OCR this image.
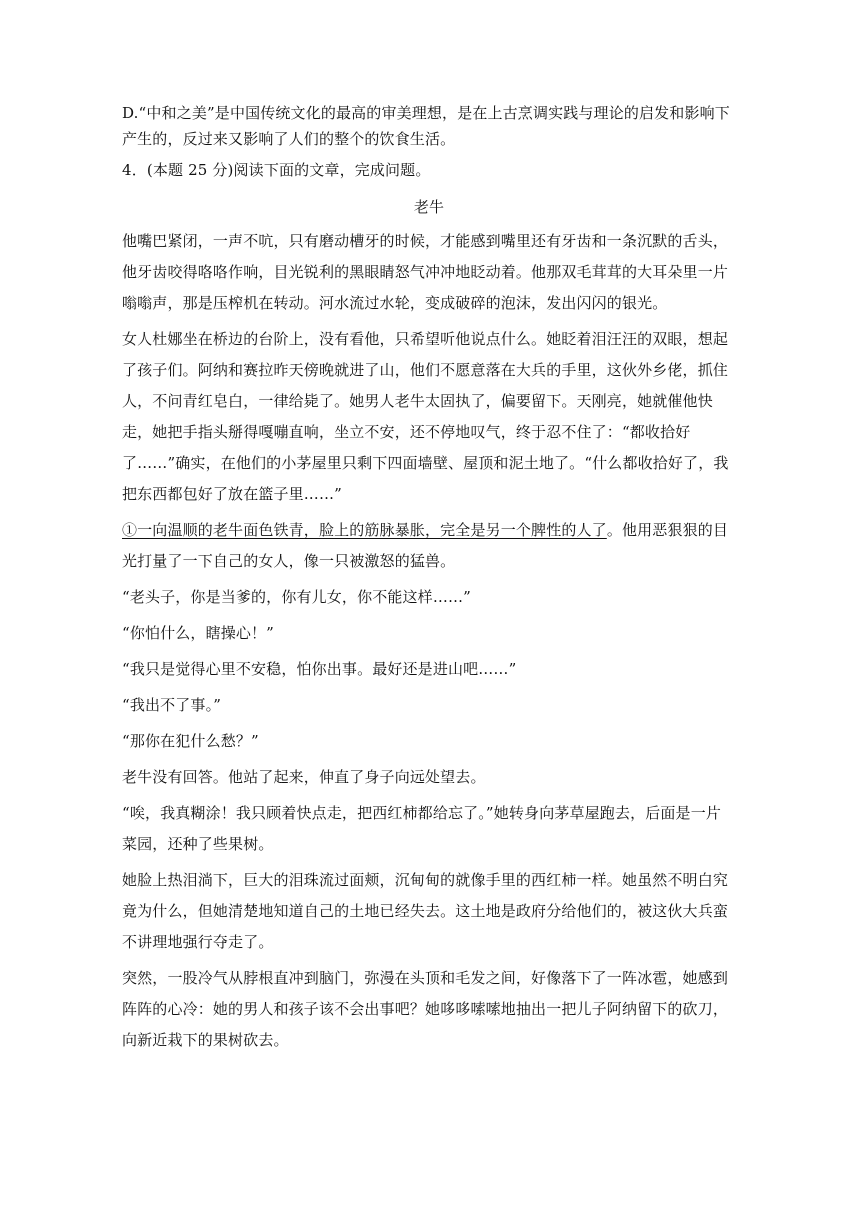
D.“中和之美”是中国传统文化的最高的审美理想，是在上古烹调实践与理论的启发和影响下产生的，反过来又影响了人们的整个的饮食生活。

4．(本题 25 分)阅读下面的文章，完成问题。

老牛

他嘴巴紧闭，一声不吭，只有磨动槽牙的时候，才能感到嘴里还有牙齿和一条沉默的舌头，他牙齿咬得咯咯作响，目光锐利的黑眼睛怒气冲冲地眨动着。他那双毛茸茸的大耳朵里一片嗡嗡声，那是压榨机在转动。河水流过水轮，变成破碎的泡沫，发出闪闪的银光。

女人杜娜坐在桥边的台阶上，没有看他，只希望听他说点什么。她眨着泪汪汪的双眼，想起了孩子们。阿纳和赛拉昨天傍晚就进了山，他们不愿意落在大兵的手里，这伙外乡佬，抓住人，不问青红皂白，一律给毙了。她男人老牛太固执了，偏要留下。天刚亮，她就催他快走，她把手指头掰得嘎嘣直响，坐立不安，还不停地叹气，终于忍不住了：“都收拾好了……”确实，在他们的小茅屋里只剩下四面墙壁、屋顶和泥土地了。“什么都收拾好了，我把东西都包好了放在篮子里……”

①一向温顺的老牛面色铁青，脸上的筋脉暴胀，完全是另一个脾性的人了。他用恶狠狠的目光打量了一下自己的女人，像一只被激怒的猛兽。

“老头子，你是当爹的，你有儿女，你不能这样……”

“你怕什么，瞎操心！”

“我只是觉得心里不安稳，怕你出事。最好还是进山吧……”

“我出不了事。”

“那你在犯什么愁？”

老牛没有回答。他站了起来，伸直了身子向远处望去。

“唉，我真糊涂！我只顾着快点走，把西红柿都给忘了。”她转身向茅草屋跑去，后面是一片菜园，还种了些果树。

她脸上热泪淌下，巨大的泪珠流过面颊，沉甸甸的就像手里的西红柿一样。她虽然不明白究竟为什么，但她清楚地知道自己的土地已经失去。这土地是政府分给他们的，被这伙大兵蛮不讲理地强行夺走了。

突然，一股冷气从脖根直冲到脑门，弥漫在头顶和毛发之间，好像落下了一阵冰雹，她感到阵阵的心冷：她的男人和孩子该不会出事吧？她哆哆嗦嗦地抽出一把儿子阿纳留下的砍刀，向新近栽下的果树砍去。
